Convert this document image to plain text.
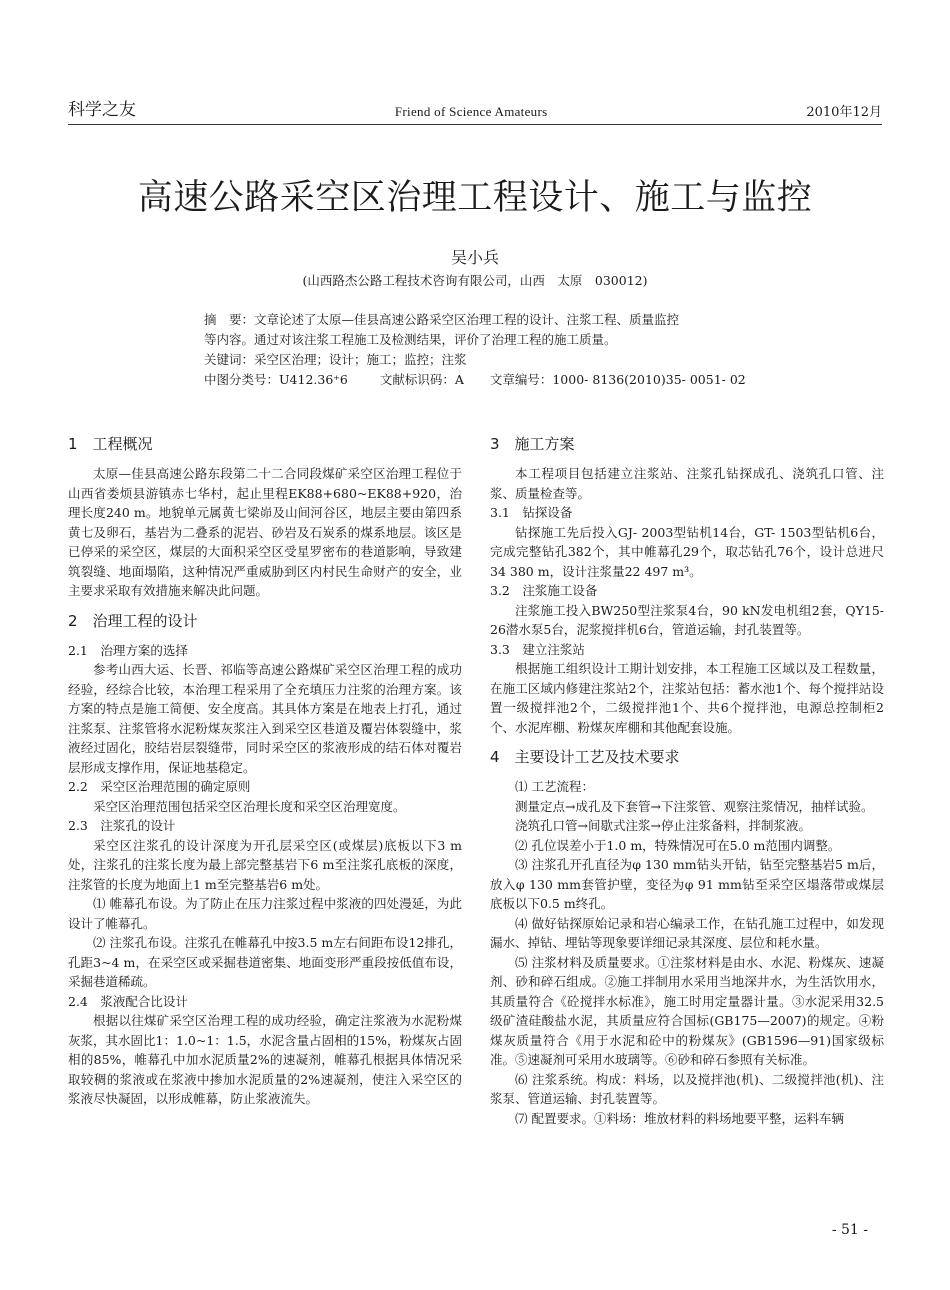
科学之友	Friend of Science Amateurs	2010年12月
高速公路采空区治理工程设计、施工与监控
吴小兵
(山西路杰公路工程技术咨询有限公司，山西　太原　030012)

摘　要：文章论述了太原—佳县高速公路采空区治理工程的设计、注浆工程、质量监控

等内容。通过对该注浆工程施工及检测结果，评价了治理工程的施工质量。

关键词：采空区治理；设计；施工；监控；注浆

中图分类号：U412.36⁺6	文献标识码：A 文章编号：1000- 8136(2010)35- 0051- 02

1　工程概况

太原—佳县高速公路东段第二十二合同段煤矿采空区治理工程位于山西省娄烦县游镇赤七华村，起止里程EK88+680~EK88+920，治理长度240 m。地貌单元属黄七梁峁及山间河谷区，地层主要由第四系黄七及卵石，基岩为二叠系的泥岩、砂岩及石炭系的煤系地层。该区是已停采的采空区，煤层的大面积采空区受星罗密布的巷道影响，导致建筑裂缝、地面塌陷，这种情况严重威胁到区内村民生命财产的安全，业主要求采取有效措施来解决此问题。

2　治理工程的设计

2.1　治理方案的选择

参考山西大运、长晋、祁临等高速公路煤矿采空区治理工程的成功经验，经综合比较，本治理工程采用了全充填压力注浆的治理方案。该方案的特点是施工简便、安全度高。其具体方案是在地表上打孔，通过注浆泵、注浆管将水泥粉煤灰浆注入到采空区巷道及覆岩体裂缝中，浆液经过固化，胶结岩层裂缝带，同时采空区的浆液形成的结石体对覆岩层形成支撑作用，保证地基稳定。

2.2　采空区治理范围的确定原则

采空区治理范围包括采空区治理长度和采空区治理宽度。

2.3　注浆孔的设计

采空区注浆孔的设计深度为开孔层采空区(或煤层)底板以下3 m处，注浆孔的注浆长度为最上部完整基岩下6 m至注浆孔底板的深度，注浆管的长度为地面上1 m至完整基岩6 m处。

⑴ 帷幕孔布设。为了防止在压力注浆过程中浆液的四处漫延，为此设计了帷幕孔。

⑵ 注浆孔布设。注浆孔在帷幕孔中按3.5 m左右间距布设12排孔，孔距3~4 m，在采空区或采掘巷道密集、地面变形严重段按低值布设，采掘巷道稀疏。

2.4　浆液配合比设计

根据以往煤矿采空区治理工程的成功经验，确定注浆液为水泥粉煤灰浆，其水固比1：1.0~1：1.5，水泥含量占固相的15%，粉煤灰占固相的85%，帷幕孔中加水泥质量2%的速凝剂，帷幕孔根据具体情况采取较稠的浆液或在浆液中掺加水泥质量的2%速凝剂，使注入采空区的浆液尽快凝固，以形成帷幕，防止浆液流失。

3　施工方案

本工程项目包括建立注浆站、注浆孔钻探成孔、浇筑孔口管、注浆、质量检查等。

3.1　钻探设备

钻探施工先后投入GJ- 2003型钻机14台，GT- 1503型钻机6台，完成完整钻孔382个，其中帷幕孔29个，取芯钻孔76个，设计总进尺34 380 m，设计注浆量22 497 m³。

3.2　注浆施工设备

注浆施工投入BW250型注浆泵4台，90 kN发电机组2套，QY15- 26潜水泵5台，泥浆搅拌机6台，管道运输，封孔装置等。

3.3　建立注浆站

根据施工组织设计工期计划安排，本工程施工区域以及工程数量，在施工区域内修建注浆站2个，注浆站包括：蓄水池1个、每个搅拌站设置一级搅拌池2个，二级搅拌池1个、共6个搅拌池，电源总控制柜2个、水泥库棚、粉煤灰库棚和其他配套设施。

4　主要设计工艺及技术要求

⑴ 工艺流程：

测量定点→成孔及下套管→下注浆管、观察注浆情况，抽样试验。

浇筑孔口管→间歇式注浆→停止注浆备料，拌制浆液。

⑵ 孔位误差小于1.0 m，特殊情况可在5.0 m范围内调整。

⑶ 注浆孔开孔直径为φ 130 mm钻头开钻，钻至完整基岩5 m后，放入φ 130 mm套管护壁，变径为φ 91 mm钻至采空区塌落带或煤层底板以下0.5 m终孔。

⑷ 做好钻探原始记录和岩心编录工作，在钻孔施工过程中，如发现漏水、掉钻、埋钻等现象要详细记录其深度、层位和耗水量。

⑸ 注浆材料及质量要求。①注浆材料是由水、水泥、粉煤灰、速凝剂、砂和碎石组成。②施工拌制用水采用当地深井水，为生活饮用水，其质量符合《砼搅拌水标准》，施工时用定量器计量。③水泥采用32.5级矿渣硅酸盐水泥，其质量应符合国标(GB175—2007)的规定。④粉煤灰质量符合《用于水泥和砼中的粉煤灰》(GB1596—91)国家级标准。⑤速凝剂可采用水玻璃等。⑥砂和碎石参照有关标准。

⑹ 注浆系统。构成：料场，以及搅拌池(机)、二级搅拌池(机)、注浆泵、管道运输、封孔装置等。

⑺ 配置要求。①料场：堆放材料的料场地要平整，运料车辆

- 51 -
